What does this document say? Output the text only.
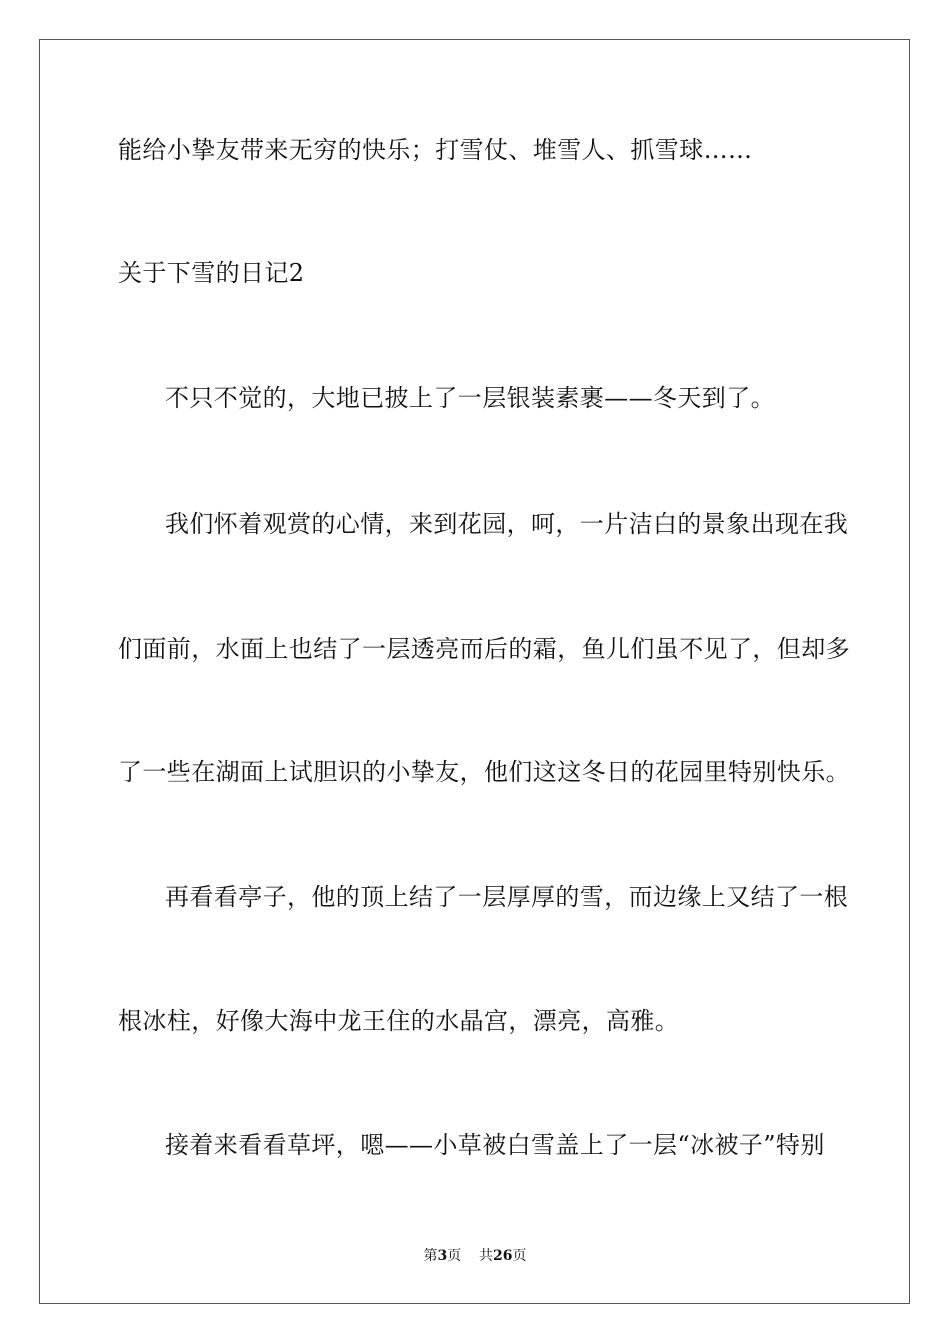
能给小挚友带来无穷的快乐；打雪仗、堆雪人、抓雪球……
关于下雪的日记2
不只不觉的，大地已披上了一层银装素裹——冬天到了。
我们怀着观赏的心情，来到花园，呵，一片洁白的景象出现在我
们面前，水面上也结了一层透亮而后的霜，鱼儿们虽不见了，但却多
了一些在湖面上试胆识的小挚友，他们这这冬日的花园里特别快乐。
再看看亭子，他的顶上结了一层厚厚的雪，而边缘上又结了一根
根冰柱，好像大海中龙王住的水晶宫，漂亮，高雅。
接着来看看草坪，嗯——小草被白雪盖上了一层“冰被子”特别
第3页 共26页
